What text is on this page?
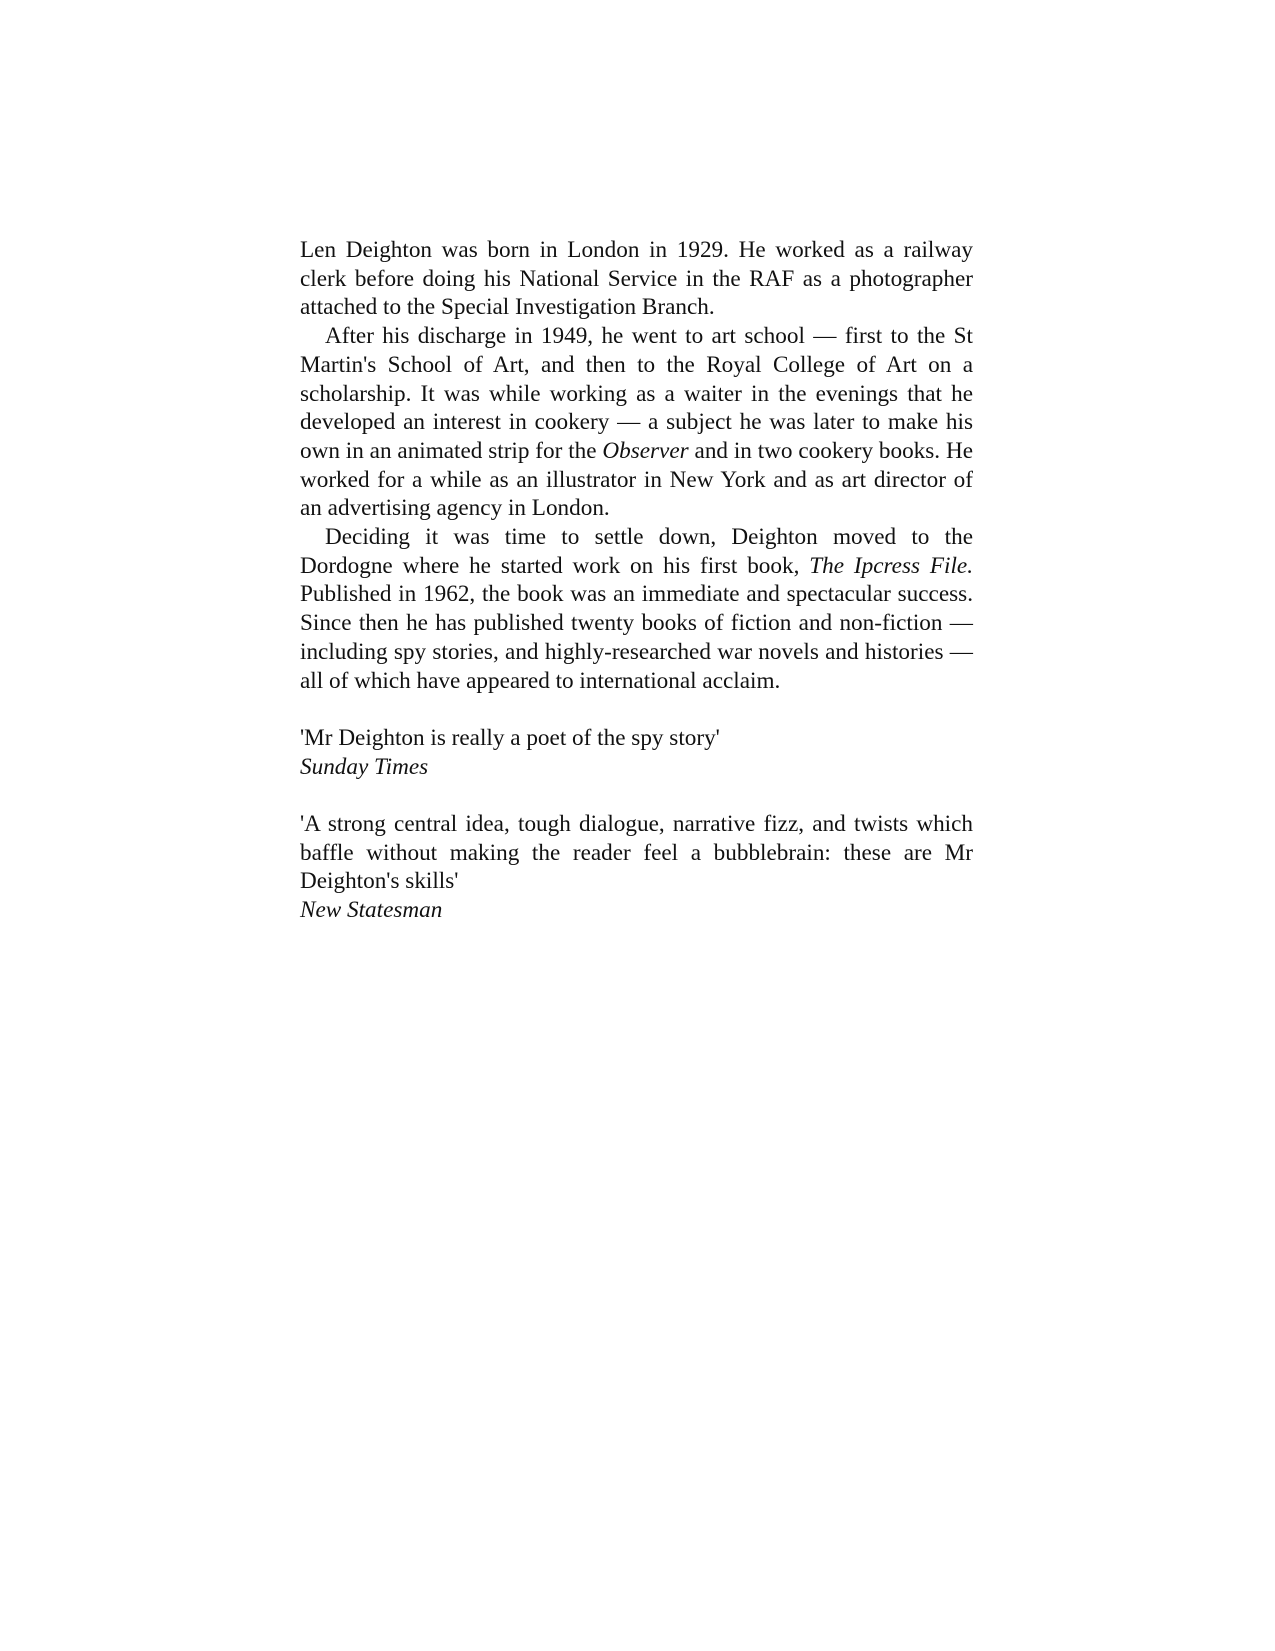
Len Deighton was born in London in 1929. He worked as a railway clerk before doing his National Service in the RAF as a photographer attached to the Special Investigation Branch.

After his discharge in 1949, he went to art school — first to the St Martin's School of Art, and then to the Royal College of Art on a scholarship. It was while working as a waiter in the evenings that he developed an interest in cookery — a subject he was later to make his own in an animated strip for the Observer and in two cookery books. He worked for a while as an illustrator in New York and as art director of an advertising agency in London.

Deciding it was time to settle down, Deighton moved to the Dordogne where he started work on his first book, The Ipcress File. Published in 1962, the book was an immediate and spectacular success. Since then he has published twenty books of fiction and non-fiction — including spy stories, and highly-researched war novels and histories — all of which have appeared to international acclaim.

'Mr Deighton is really a poet of the spy story'

Sunday Times

'A strong central idea, tough dialogue, narrative fizz, and twists which baffle without making the reader feel a bubblebrain: these are Mr Deighton's skills'

New Statesman
